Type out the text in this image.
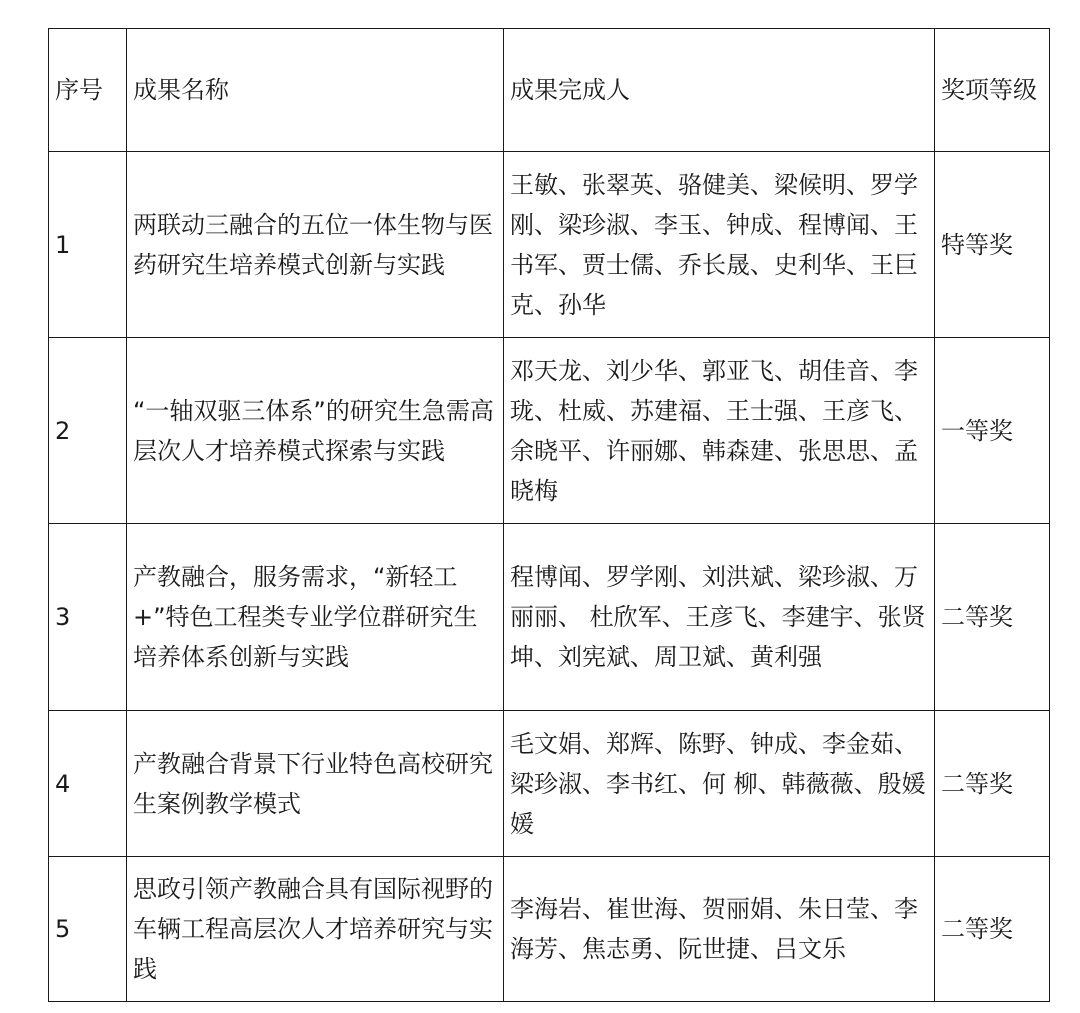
序号	成果名称	成果完成人	奖项等级
1	两联动三融合的五位一体生物与医药研究生培养模式创新与实践	王敏、张翠英、骆健美、梁候明、罗学刚、梁珍淑、李玉、钟成、程博闻、王书军、贾士儒、乔长晟、史利华、王巨克、孙华	特等奖
2	“一轴双驱三体系”的研究生急需高层次人才培养模式探索与实践	邓天龙、刘少华、郭亚飞、胡佳音、李珑、杜威、苏建福、王士强、王彦飞、余晓平、许丽娜、韩森建、张思思、孟晓梅	一等奖
3	产教融合，服务需求，“新轻工+”特色工程类专业学位群研究生培养体系创新与实践	程博闻、罗学刚、刘洪斌、梁珍淑、万丽丽、 杜欣军、王彦飞、李建宇、张贤坤、刘宪斌、周卫斌、黄利强	二等奖
4	产教融合背景下行业特色高校研究生案例教学模式	毛文娟、郑辉、陈野、钟成、李金茹、梁珍淑、李书红、何 柳、韩薇薇、殷媛媛	二等奖
5	思政引领产教融合具有国际视野的车辆工程高层次人才培养研究与实践	李海岩、崔世海、贺丽娟、朱日莹、李海芳、焦志勇、阮世捷、吕文乐	二等奖
